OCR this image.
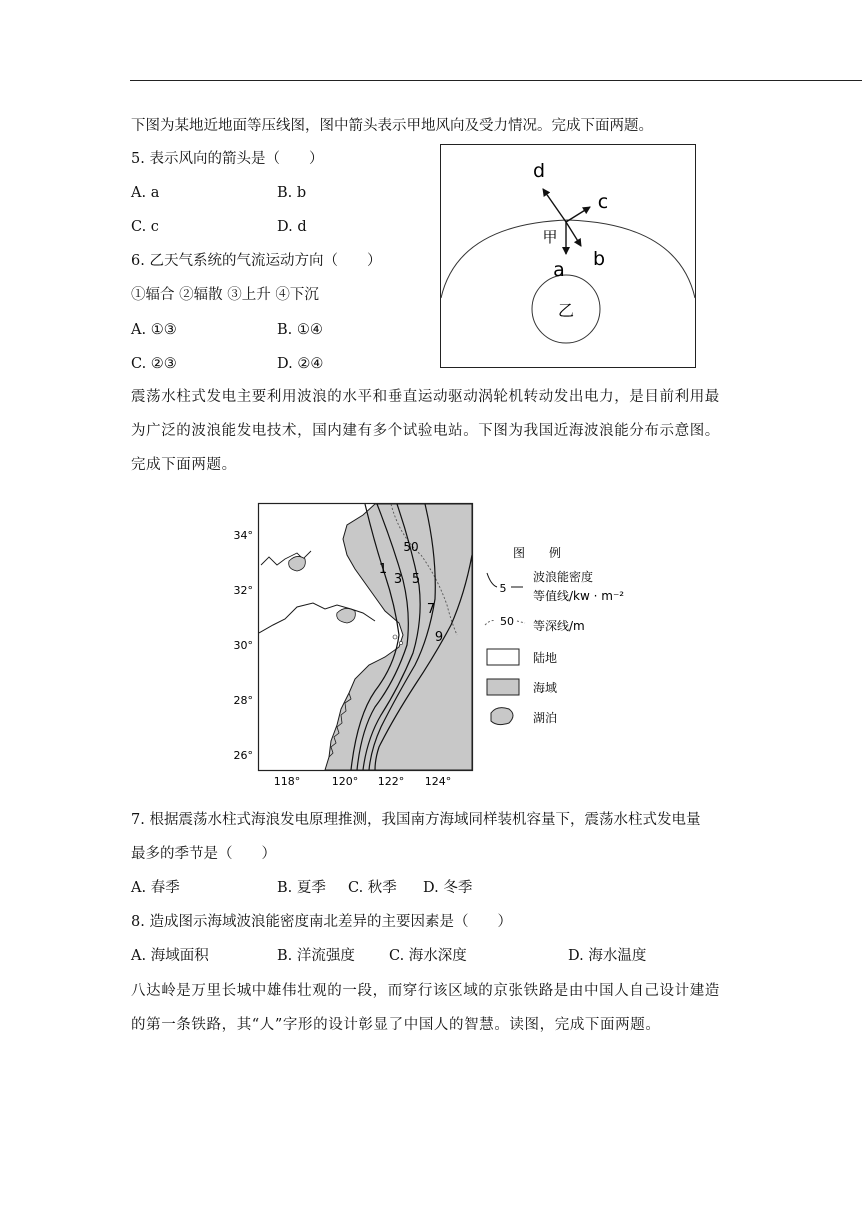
下图为某地近地面等压线图，图中箭头表示甲地风向及受力情况。完成下面两题。
5. 表示风向的箭头是（　　）
A. a	B. b
C. c	D. d
6. 乙天气系统的气流运动方向（　　）
①辐合 ②辐散 ③上升 ④下沉
A. ①③	B. ①④
C. ②③	D. ②④
a b
c
d
甲
乙
震荡水柱式发电主要利用波浪的水平和垂直运动驱动涡轮机转动发出电力，是目前利用最为广泛的波浪能发电技术，国内建有多个试验电站。下图为我国近海波浪能分布示意图。完成下面两题。
1
3 5
7
9
50
34°
32°
30°
28°
26°
118°	120° 122° 124°
图　　例
5
波浪能密度
等值线/kw · m⁻²
50 等深线/m
陆地
海域
湖泊
7. 根据震荡水柱式海浪发电原理推测，我国南方海域同样装机容量下，震荡水柱式发电量
最多的季节是（　　）
A. 春季	B. 夏季 C. 秋季 D. 冬季
8. 造成图示海域波浪能密度南北差异的主要因素是（　　）
A. 海域面积	B. 洋流强度 C. 海水深度	D. 海水温度
八达岭是万里长城中雄伟壮观的一段，而穿行该区域的京张铁路是由中国人自己设计建造的第一条铁路，其“人”字形的设计彰显了中国人的智慧。读图，完成下面两题。
